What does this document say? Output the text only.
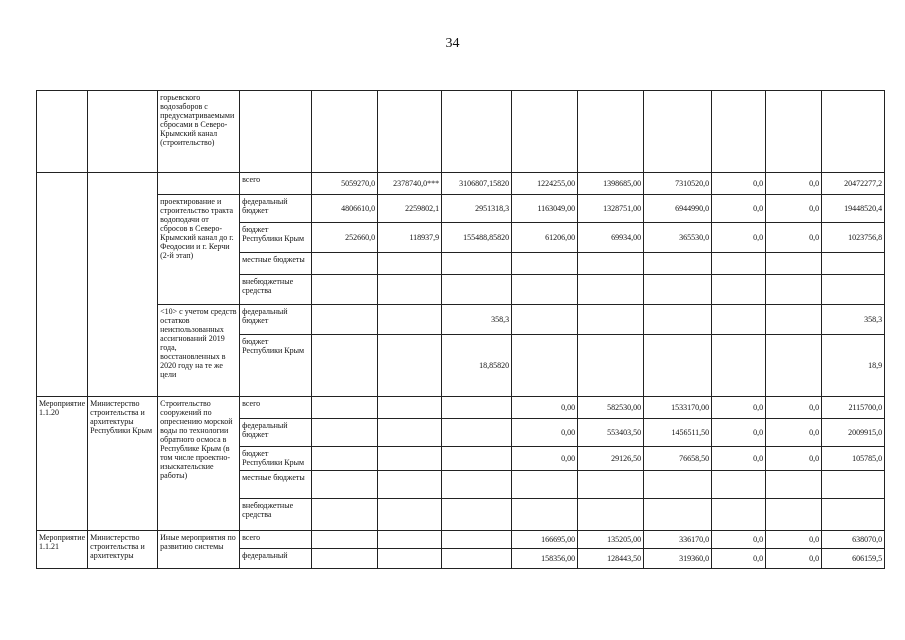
34
		горьевского водозаборов с предусматриваемыми сбросами в Северо-Крымский канал (строительство)										
			всего	5059270,0	2378740,0***	3106807,15820	1224255,00	1398685,00	7310520,0	0,0	0,0	20472277,2
		проектирование и строительство тракта водоподачи от сбросов в Северо-Крымский канал до г. Феодосии и г. Керчи (2-й этап)	федеральный бюджет	4806610,0	2259802,1	2951318,3	1163049,00	1328751,00	6944990,0	0,0	0,0	19448520,4
			бюджет Республики Крым	252660,0	118937,9	155488,85820	61206,00	69934,00	365530,0	0,0	0,0	1023756,8
			местные бюджеты									
			внебюджетные средства									
		<10> с учетом средств остатков неиспользованных ассигнований 2019 года, восстановленных в 2020 году на те же цели	федеральный бюджет			358,3						358,3
			бюджет Республики Крым			18,85820						18,9
Мероприятие 1.1.20	Министерство строительства и архитектуры Республики Крым	Строительство сооружений по опреснению морской воды по технологии обратного осмоса в Республике Крым (в том числе проектно-изыскательские работы)	всего				0,00	582530,00	1533170,00	0,0	0,0	2115700,0
			федеральный бюджет				0,00	553403,50	1456511,50	0,0	0,0	2009915,0
			бюджет Республики Крым				0,00	29126,50	76658,50	0,0	0,0	105785,0
			местные бюджеты									
			внебюджетные средства									
Мероприятие 1.1.21	Министерство строительства и архитектуры	Иные мероприятия по развитию системы	всего				166695,00	135205,00	336170,0	0,0	0,0	638070,0
			федеральный				158356,00	128443,50	319360,0	0,0	0,0	606159,5
